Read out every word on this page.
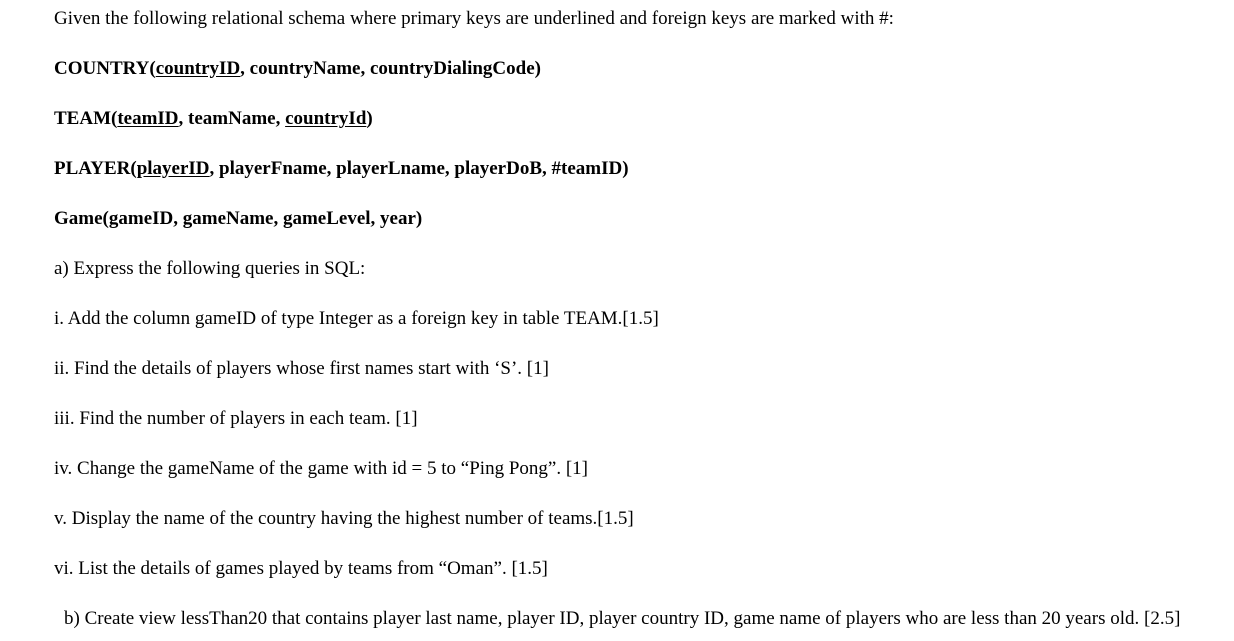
Given the following relational schema where primary keys are underlined and foreign keys are marked with #:
COUNTRY(countryID, countryName, countryDialingCode)
TEAM(teamID, teamName, countryId)
PLAYER(playerID, playerFname, playerLname, playerDoB, #teamID)
Game(gameID, gameName, gameLevel, year)
a) Express the following queries in SQL:
i. Add the column gameID of type Integer as a foreign key in table TEAM.[1.5]
ii. Find the details of players whose first names start with ‘S’. [1]
iii. Find the number of players in each team. [1]
iv. Change the gameName of the game with id = 5 to “Ping Pong”. [1]
v. Display the name of the country having the highest number of teams.[1.5]
vi. List the details of games played by teams from “Oman”. [1.5]
b) Create view lessThan20 that contains player last name, player ID, player country ID, game name of players who are less than 20 years old. [2.5]
